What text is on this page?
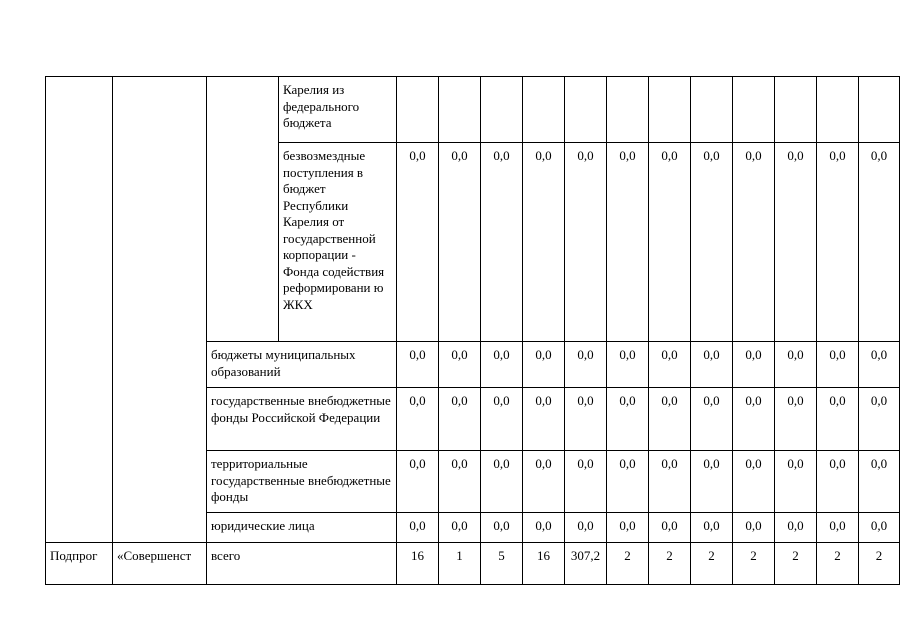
			Карелия из федерального бюджета												
			безвозмездные поступления в бюджет Республики Карелия от государственной корпорации - Фонда содействия реформировани ю ЖКХ	0,0	0,0	0,0	0,0	0,0	0,0	0,0	0,0	0,0	0,0	0,0	0,0
		бюджеты муниципальных образований		0,0	0,0	0,0	0,0	0,0	0,0	0,0	0,0	0,0	0,0	0,0	0,0
		государственные внебюджетные фонды Российской Федерации		0,0	0,0	0,0	0,0	0,0	0,0	0,0	0,0	0,0	0,0	0,0	0,0
		территориальные государственные внебюджетные фонды		0,0	0,0	0,0	0,0	0,0	0,0	0,0	0,0	0,0	0,0	0,0	0,0
		юридические лица		0,0	0,0	0,0	0,0	0,0	0,0	0,0	0,0	0,0	0,0	0,0	0,0
Подпрог	«Совершенст	всего		16	1	5	16	307,2	2	2	2	2	2	2	2
